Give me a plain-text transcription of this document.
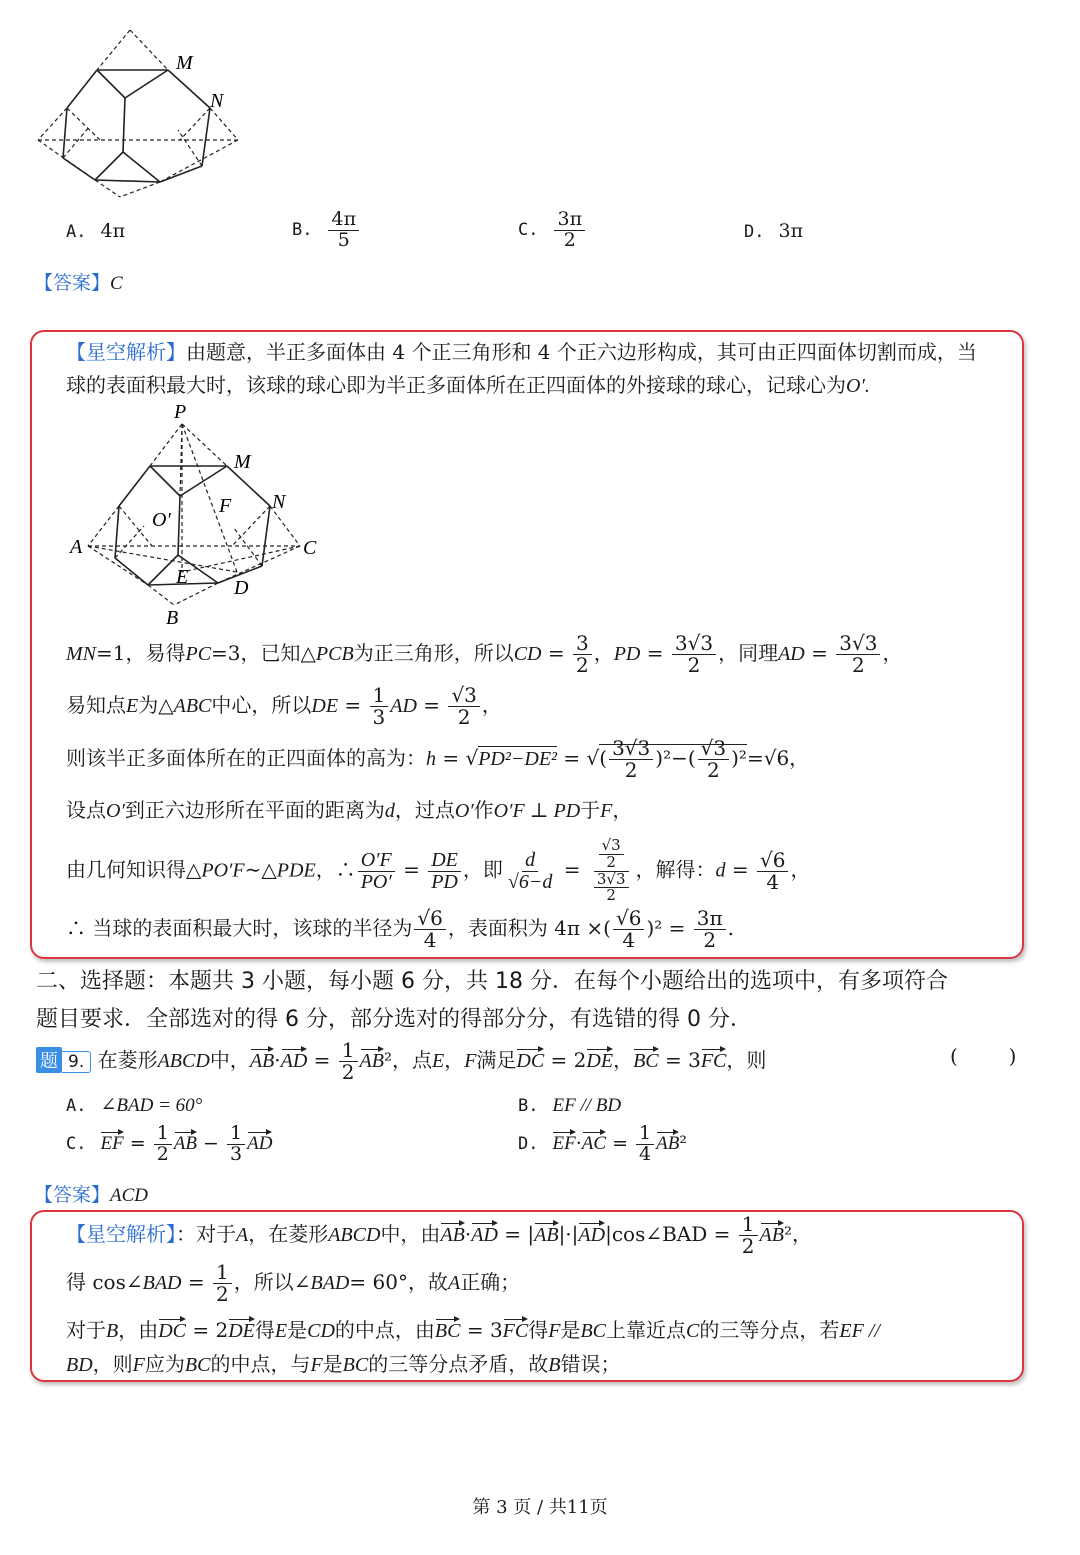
M
N
A. 4π	B. $\frac{4\pi}{5}$	C. $\frac{3\pi}{2}$	D. 3π
【答案】C
【星空解析】由题意，半正多面体由 4 个正三角形和 4 个正六边形构成，其可由正四面体切割而成，当
球的表面积最大时，该球的球心即为半正多面体所在正四面体的外接球的球心，记球心为O′.
P
M
N
O′
F
A	C
E D
B
MN=1，易得PC=3，已知△PCB为正三角形，所以CD = $\frac{3}{2}$ ，PD = $\frac{3√3}{2}$ ，同理AD = $\frac{3√3}{2}$ ，
易知点E为△ABC中心，所以DE = $\frac{1}{3}$ AD = $\frac{√3}{2}$ ，
则该半正多面体所在的正四面体的高为：h = √PD²−DE² = √( $\frac{3√3}{2} )^2-( \frac{√3}{2} )^2=√6$，
设点O′到正六边形所在平面的距离为d，过点O′作O′F ⊥ PD于F，
由几何知识得△PO′F∼△PDE，∴ $\frac{O'F}{PO'} = \frac{DE}{PD}$ ，即 $\frac{d}{√6-d} = \frac{\frac{√3}{2}}{\frac{3√3}{2}}$ ，解得：$d = \frac{√6}{4}$ ，
∴ 当球的表面积最大时，该球的半径为 $\frac{√6}{4}$ ，表面积为 4π ×( $\frac{√6}{4} )^2 = \frac{3\pi}{2}$ .
二、选择题：本题共 3 小题，每小题 6 分，共 18 分．在每个小题给出的选项中，有多项符合
题目要求．全部选对的得 6 分，部分选对的得部分分，有选错的得 0 分．
题 9. 在菱形ABCD中，$AB\cdot AD = \frac{1}{2} AB^2$，点E，F满足DC = 2DE，BC = 3FC，则	(        )
A. ∠BAD = 60°	B. EF // BD
C. EF = $\frac{1}{2}$ AB − $\frac{1}{3}$ AD	D. $EF\cdot AC = \frac{1}{4} AB^2$
【答案】ACD
【星空解析】：对于A，在菱形ABCD中，由AB·AD = |AB|·|AD|cos∠BAD = $\frac{1}{2} AB^2$，
得 cos∠BAD = $\frac{1}{2}$ ，所以∠BAD= 60°，故A正确；
对于B，由DC = 2DE得E是CD的中点，由BC = 3FC得F是BC上靠近点C的三等分点，若EF //
BD，则F应为BC的中点，与F是BC的三等分点矛盾，故B错误；
第 3 页 / 共11页
